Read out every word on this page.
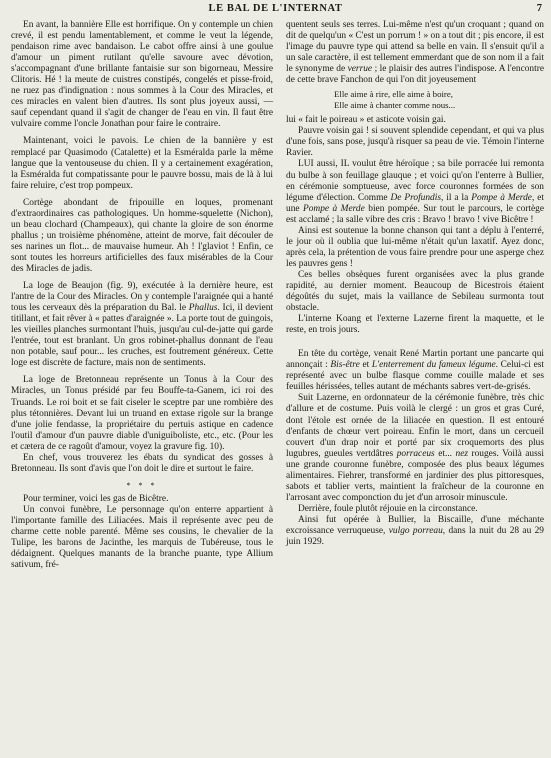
LE BAL DE L'INTERNAT	7

En avant, la bannière Elle est horrifique. On y contemple un chien crevé, il est pendu lamentablement, et comme le veut la légende, pendaison rime avec bandaison. Le cabot offre ainsi à une goulue d'amour un piment rutilant qu'elle savoure avec dévotion, s'accompagnant d'une brillante fantaisie sur son bigorneau, Messire Clitoris. Hé ! la meute de cuistres constipés, congelés et pisse-froid, ne ruez pas d'indignation : nous sommes à la Cour des Miracles, et ces miracles en valent bien d'autres. Ils sont plus joyeux aussi, — sauf cependant quand il s'agit de changer de l'eau en vin. Il faut être vulvaire comme l'oncle Jonathan pour faire le contraire.

Maintenant, voici le pavois. Le chien de la bannière y est remplacé par Quasimodo (Catalette) et la Esméralda parle la même langue que la ventouseuse du chien. Il y a certainement exagération, la Esméralda fut compatissante pour le pauvre bossu, mais de là à lui faire reluire, c'est trop pompeux.

Cortège abondant de fripouille en loques, promenant d'extraordinaires cas pathologiques. Un homme-squelette (Nichon), un beau clochard (Champeaux), qui chante la gloire de son énorme phallus ; un troisième phénomène, atteint de morve, fait découler de ses narines un flot... de mauvaise humeur. Ah ! l'glaviot ! Enfin, ce sont toutes les horreurs artificielles des faux misérables de la Cour des Miracles de jadis.

La loge de Beaujon (fig. 9), exécutée à la dernière heure, est l'antre de la Cour des Miracles. On y contemple l'araignée qui a hanté tous les cerveaux dès la préparation du Bal. le Phallus. Ici, il devient titillant, et fait rêver à « pattes d'araignée ». La porte tout de guingois, les vieilles planches surmontant l'huis, jusqu'au cul-de-jatte qui garde l'entrée, tout est branlant. Un gros robinet-phallus donnant de l'eau non potable, sauf pour... les cruches, est foutrement généreux. Cette loge est discrète de facture, mais non de sentiments.

La loge de Bretonneau représente un Tonus à la Cour des Miracles, un Tonus présidé par feu Bouffe-ta-Ganem, ici roi des Truands. Le roi boit et se fait ciseler le sceptre par une rombière des plus tétonnières. Devant lui un truand en extase rigole sur la brange d'une jolie fendasse, la propriétaire du pertuis astique en cadence l'outil d'amour d'un pauvre diable d'uniguiboliste, etc., etc. (Pour les et cætera de ce ragoût d'amour, voyez la gravure fig. 10).

En chef, vous trouverez les ébats du syndicat des gosses à Bretonneau. Ils sont d'avis que l'on doit le dire et surtout le faire.

* * *

Pour terminer, voici les gas de Bicêtre.

Un convoi funèbre, Le personnage qu'on enterre appartient à l'importante famille des Liliacées. Mais il représente avec peu de charme cette noble parenté. Même ses cousins, le chevalier de la Tulipe, les barons de Jacinthe, les marquis de Tubéreuse, tous le dédaignent. Quelques manants de la branche puante, type Allium sativum, fré-

quentent seuls ses terres. Lui-même n'est qu'un croquant ; quand on dit de quelqu'un « C'est un porrum ! » on a tout dit ; pis encore, il est l'image du pauvre type qui attend sa belle en vain. Il s'ensuit qu'il a un sale caractère, il est tellement emmerdant que de son nom il a fait le synonyme de verrue ; le plaisir des autres l'indispose. A l'encontre de cette brave Fanchon de qui l'on dit joyeusement

Elle aime à rire, elle aime à boire,
Elle aime à chanter comme nous...

lui « fait le poireau » et asticote voisin gai.

Pauvre voisin gai ! si souvent splendide cependant, et qui va plus d'une fois, sans pose, jusqu'à risquer sa peau de vie. Témoin l'interne Ravier.

LUI aussi, IL voulut être héroïque ; sa bile porracée lui remonta du bulbe à son feuillage glauque ; et voici qu'on l'enterre à Bullier, en cérémonie somptueuse, avec force couronnes formées de son légume d'élection. Comme De Profundis, il a la Pompe à Merde, et une Pompe à Merde bien pompée. Sur tout le parcours, le cortège est acclamé ; la salle vibre des cris : Bravo ! bravo ! vive Bicêtre !

Ainsi est soutenue la bonne chanson qui tant a déplu à l'enterré, le jour où il oublia que lui-même n'était qu'un laxatif. Ayez donc, après cela, la prétention de vous faire prendre pour une asperge chez les pauvres gens !

Ces belles obsèques furent organisées avec la plus grande rapidité, au dernier moment. Beaucoup de Bicestrois étaient dégoûtés du sujet, mais la vaillance de Sebileau surmonta tout obstacle.

L'interne Koang et l'externe Lazerne firent la maquette, et le reste, en trois jours.

En tête du cortège, venait René Martin portant une pancarte qui annonçait : Bis-être et L'enterrement du fameux légume. Celui-ci est représenté avec un bulbe flasque comme couille malade et ses feuilles hérissées, telles autant de méchants sabres vert-de-grisés.

Suit Lazerne, en ordonnateur de la cérémonie funèbre, très chic d'allure et de costume. Puis voilà le clergé : un gros et gras Curé, dont l'étole est ornée de la liliacée en question. Il est entouré d'enfants de chœur vert poireau. Enfin le mort, dans un cercueil couvert d'un drap noir et porté par six croquemorts des plus lugubres, gueules vertdâtres porraceus et... nez rouges. Voilà aussi une grande couronne funèbre, composée des plus beaux légumes alimentaires. Fiehrer, transformé en jardinier des plus pittoresques, sabots et tablier verts, maintient la fraîcheur de la couronne en l'arrosant avec componction du jet d'un arrosoir minuscule.

Derrière, foule plutôt réjouie en la circonstance.

Ainsi fut opérée à Bullier, la Biscaille, d'une méchante excroissance verruqueuse, vulgo porreau, dans la nuit du 28 au 29 juin 1929.
